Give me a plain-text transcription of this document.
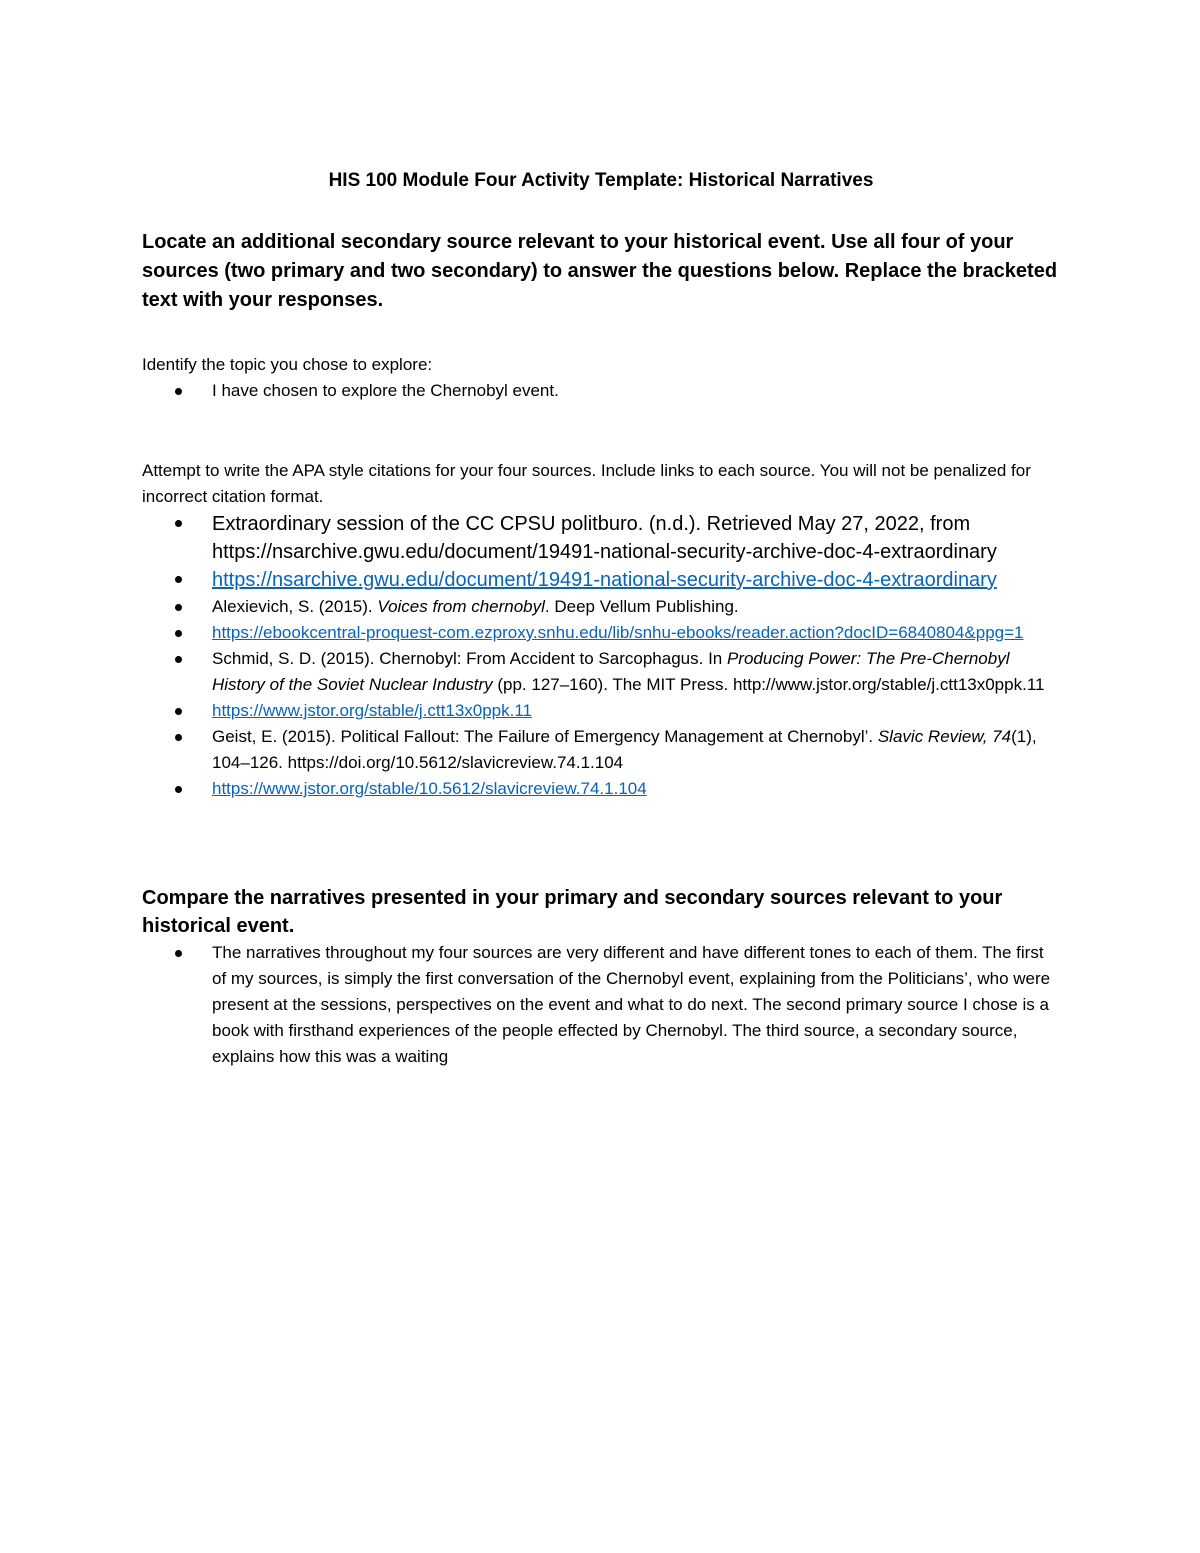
HIS 100 Module Four Activity Template: Historical Narratives

Locate an additional secondary source relevant to your historical event. Use all four of your sources (two primary and two secondary) to answer the questions below. Replace the bracketed text with your responses.

Identify the topic you chose to explore:

I have chosen to explore the Chernobyl event.

Attempt to write the APA style citations for your four sources. Include links to each source. You will not be penalized for incorrect citation format.

Extraordinary session of the CC CPSU politburo. (n.d.). Retrieved May 27, 2022, from https://nsarchive.gwu.edu/document/19491-national-security-archive-doc-4-extraordinary
https://nsarchive.gwu.edu/document/19491-national-security-archive-doc-4-extraordinary
Alexievich, S. (2015). Voices from chernobyl. Deep Vellum Publishing.
https://ebookcentral-proquest-com.ezproxy.snhu.edu/lib/snhu-ebooks/reader.action?docID=6840804&ppg=1
Schmid, S. D. (2015). Chernobyl: From Accident to Sarcophagus. In Producing Power: The Pre-Chernobyl History of the Soviet Nuclear Industry (pp. 127–160). The MIT Press. http://www.jstor.org/stable/j.ctt13x0ppk.11
https://www.jstor.org/stable/j.ctt13x0ppk.11
Geist, E. (2015). Political Fallout: The Failure of Emergency Management at Chernobyl’. Slavic Review, 74(1), 104–126. https://doi.org/10.5612/slavicreview.74.1.104
https://www.jstor.org/stable/10.5612/slavicreview.74.1.104

Compare the narratives presented in your primary and secondary sources relevant to your historical event.

The narratives throughout my four sources are very different and have different tones to each of them. The first of my sources, is simply the first conversation of the Chernobyl event, explaining from the Politicians’, who were present at the sessions, perspectives on the event and what to do next. The second primary source I chose is a book with firsthand experiences of the people effected by Chernobyl. The third source, a secondary source, explains how this was a waiting
